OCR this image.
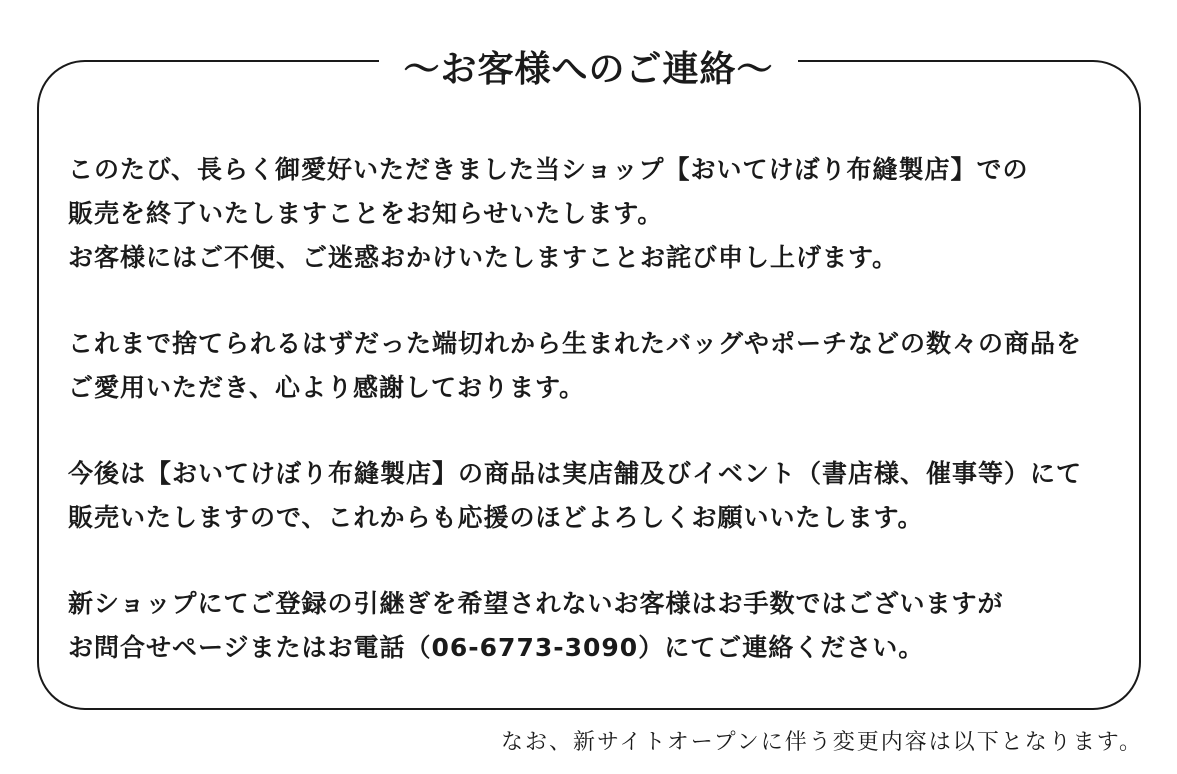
～お客様へのご連絡～
このたび、長らく御愛好いただきました当ショップ【おいてけぼり布縫製店】での
販売を終了いたしますことをお知らせいたします。
お客様にはご不便、ご迷惑おかけいたしますことお詫び申し上げます。
これまで捨てられるはずだった端切れから生まれたバッグやポーチなどの数々の商品を
ご愛用いただき、心より感謝しております。
今後は【おいてけぼり布縫製店】の商品は実店舗及びイベント（書店様、催事等）にて
販売いたしますので、これからも応援のほどよろしくお願いいたします。
新ショップにてご登録の引継ぎを希望されないお客様はお手数ではございますが
お問合せページまたはお電話（06-6773-3090）にてご連絡ください。
なお、新サイトオープンに伴う変更内容は以下となります。
